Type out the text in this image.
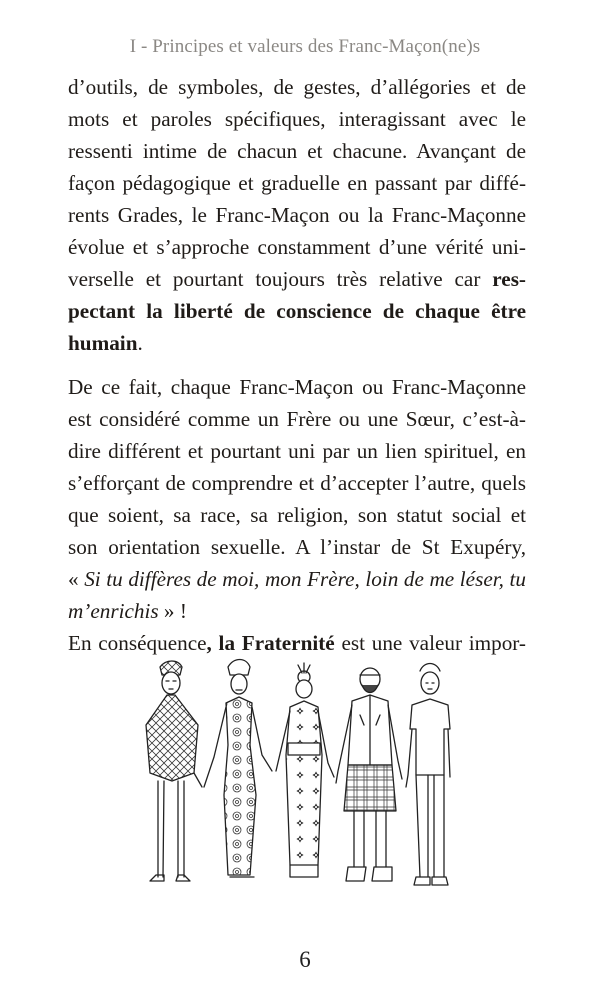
I - Principes et valeurs des Franc-Maçon(ne)s
d’outils, de symboles, de gestes, d’allégories et de
mots et paroles spécifiques, interagissant avec le
ressenti intime de chacun et chacune. Avançant de
façon pédagogique et graduelle en passant par diffé-
rents Grades, le Franc-Maçon ou la Franc-Maçonne
évolue et s’approche constamment d’une vérité uni-
verselle et pourtant toujours très relative car res-
pectant la liberté de conscience de chaque être
humain.
De ce fait, chaque Franc-Maçon ou Franc-Maçonne
est considéré comme un Frère ou une Sœur, c’est-à-
dire différent et pourtant uni par un lien spirituel, en
s’efforçant de comprendre et d’accepter l’autre, quels
que soient, sa race, sa religion, son statut social et
son orientation sexuelle. A l’instar de St Exupéry,
« Si tu diffères de moi, mon Frère, loin de me léser, tu
m’enrichis » !
En conséquence, la Fraternité est une valeur impor-
6
